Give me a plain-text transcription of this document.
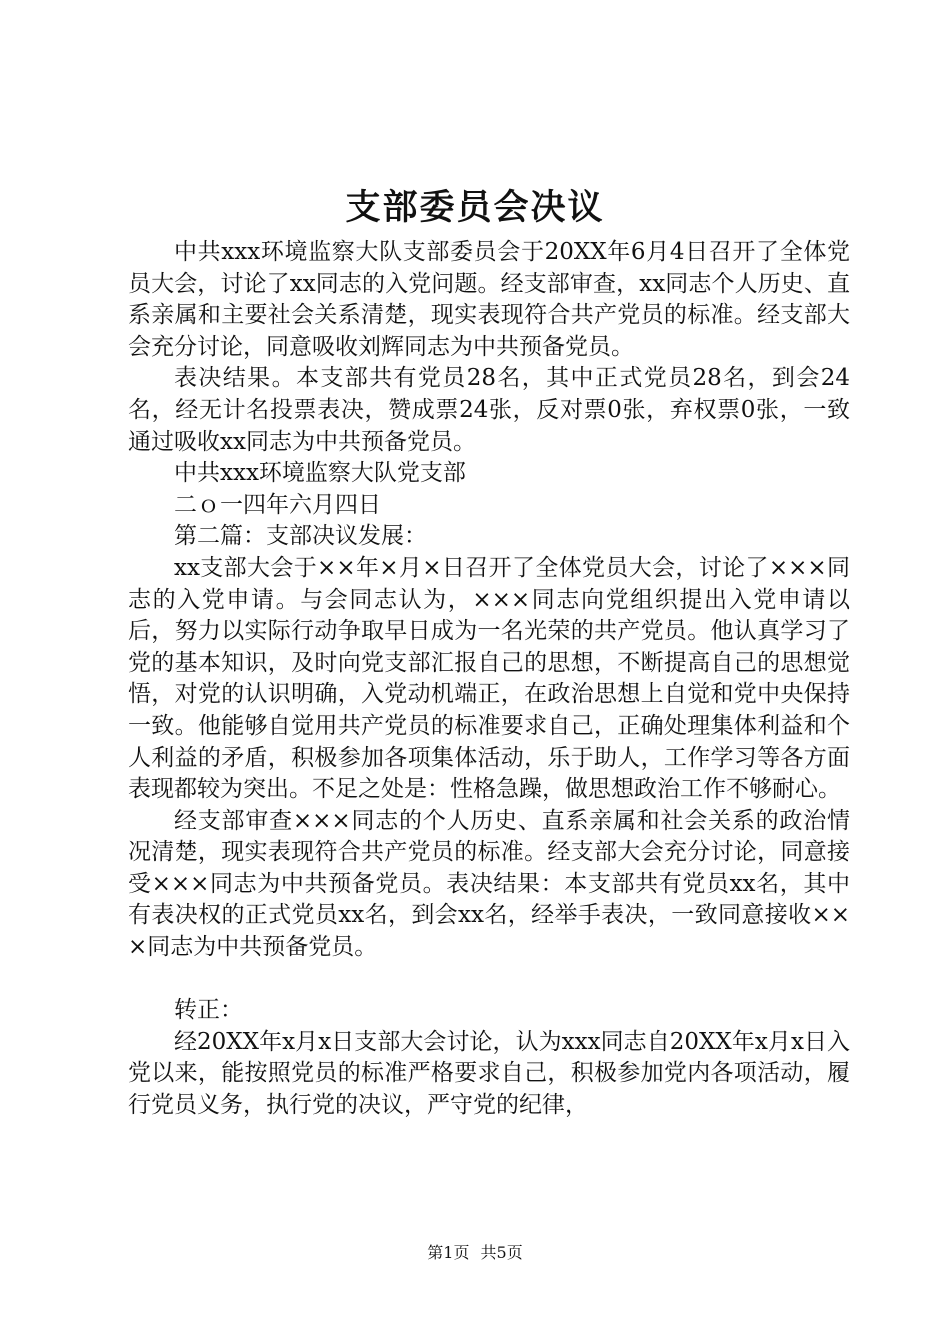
支部委员会决议

中共xxx环境监察大队支部委员会于20XX年6月4日召开了全体党员大会，讨论了xx同志的入党问题。经支部审查，xx同志个人历史、直系亲属和主要社会关系清楚，现实表现符合共产党员的标准。经支部大会充分讨论，同意吸收刘辉同志为中共预备党员。

表决结果。本支部共有党员28名，其中正式党员28名，到会24名，经无计名投票表决，赞成票24张，反对票0张，弃权票0张，一致通过吸收xx同志为中共预备党员。

中共xxx环境监察大队党支部

二ｏ一四年六月四日

第二篇：支部决议发展：

xx支部大会于××年×月×日召开了全体党员大会，讨论了×××同志的入党申请。与会同志认为，×××同志向党组织提出入党申请以后，努力以实际行动争取早日成为一名光荣的共产党员。他认真学习了党的基本知识，及时向党支部汇报自己的思想，不断提高自己的思想觉悟，对党的认识明确，入党动机端正，在政治思想上自觉和党中央保持一致。他能够自觉用共产党员的标准要求自己，正确处理集体利益和个人利益的矛盾，积极参加各项集体活动，乐于助人，工作学习等各方面表现都较为突出。不足之处是：性格急躁，做思想政治工作不够耐心。

经支部审查×××同志的个人历史、直系亲属和社会关系的政治情况清楚，现实表现符合共产党员的标准。经支部大会充分讨论，同意接受×××同志为中共预备党员。表决结果：本支部共有党员xx名，其中有表决权的正式党员xx名，到会xx名，经举手表决，一致同意接收×××同志为中共预备党员。

转正：

经20XX年x月x日支部大会讨论，认为xxx同志自20XX年x月x日入党以来，能按照党员的标准严格要求自己，积极参加党内各项活动，履行党员义务，执行党的决议，严守党的纪律，

第1页 共5页
